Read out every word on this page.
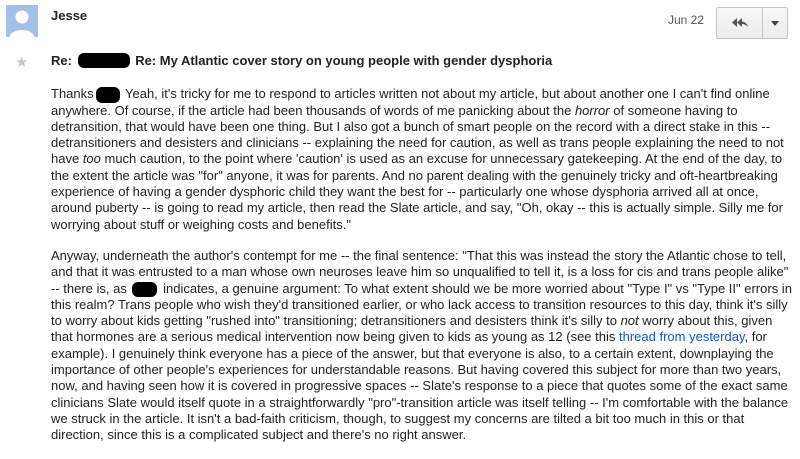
★
Jesse	Jun 22
Re:	Re: My Atlantic cover story on young people with gender dysphoria

Thanks Yeah, it's tricky for me to respond to articles written not about my article, but about another one I can't find online anywhere. Of course, if the article had been thousands of words of me panicking about the horror of someone having to detransition, that would have been one thing. But I also got a bunch of smart people on the record with a direct stake in this -- detransitioners and desisters and clinicians -- explaining the need for caution, as well as trans people explaining the need to not have too much caution, to the point where 'caution' is used as an excuse for unnecessary gatekeeping. At the end of the day, to the extent the article was "for" anyone, it was for parents. And no parent dealing with the genuinely tricky and oft-heartbreaking experience of having a gender dysphoric child they want the best for -- particularly one whose dysphoria arrived all at once, around puberty -- is going to read my article, then read the Slate article, and say, "Oh, okay -- this is actually simple. Silly me for worrying about stuff or weighing costs and benefits."

Anyway, underneath the author's contempt for me -- the final sentence: "That this was instead the story the Atlantic chose to tell, and that it was entrusted to a man whose own neuroses leave him so unqualified to tell it, is a loss for cis and trans people alike" -- there is, as	indicates, a genuine argument: To what extent should we be more worried about "Type I" vs "Type II" errors in this realm? Trans people who wish they'd transitioned earlier, or who lack access to transition resources to this day, think it's silly to worry about kids getting "rushed into" transitioning; detransitioners and desisters think it's silly to not worry about this, given that hormones are a serious medical intervention now being given to kids as young as 12 (see this thread from yesterday, for example). I genuinely think everyone has a piece of the answer, but that everyone is also, to a certain extent, downplaying the importance of other people's experiences for understandable reasons. But having covered this subject for more than two years, now, and having seen how it is covered in progressive spaces -- Slate's response to a piece that quotes some of the exact same clinicians Slate would itself quote in a straightforwardly "pro"-transition article was itself telling -- I'm comfortable with the balance we struck in the article. It isn't a bad-faith criticism, though, to suggest my concerns are tilted a bit too much in this or that direction, since this is a complicated subject and there's no right answer.
